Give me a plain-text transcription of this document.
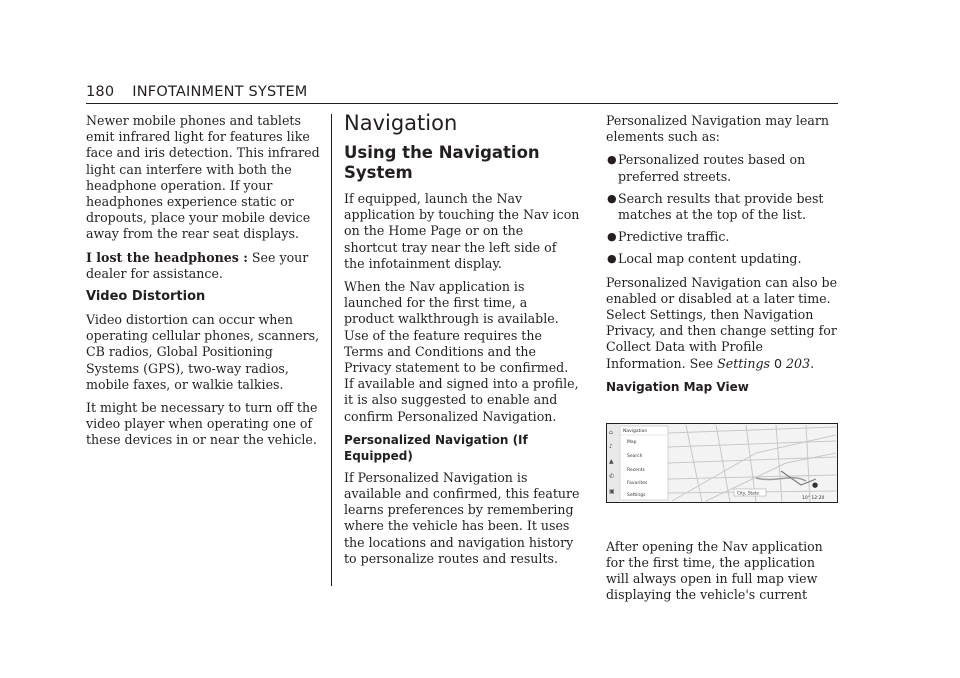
180 INFOTAINMENT SYSTEM

Newer mobile phones and tablets emit infrared light for features like face and iris detection. This infrared light can interfere with both the headphone operation. If your headphones experience static or dropouts, place your mobile device away from the rear seat displays.

I lost the headphones : See your dealer for assistance.

Video Distortion

Video distortion can occur when operating cellular phones, scanners, CB radios, Global Positioning Systems (GPS), two-way radios, mobile faxes, or walkie talkies.

It might be necessary to turn off the video player when operating one of these devices in or near the vehicle.

Navigation
Using the Navigation System

If equipped, launch the Nav application by touching the Nav icon on the Home Page or on the shortcut tray near the left side of the infotainment display.

When the Nav application is launched for the first time, a product walkthrough is available. Use of the feature requires the Terms and Conditions and the Privacy statement to be confirmed. If available and signed into a profile, it is also suggested to enable and confirm Personalized Navigation.

Personalized Navigation (If Equipped)

If Personalized Navigation is available and confirmed, this feature learns preferences by remembering where the vehicle has been. It uses the locations and navigation history to personalize routes and results.

Personalized Navigation may learn elements such as:

● Personalized routes based on preferred streets.
● Search results that provide best matches at the top of the list.
● Predictive traffic.
● Local map content updating.

Personalized Navigation can also be enabled or disabled at a later time. Select Settings, then Navigation Privacy, and then change setting for Collect Data with Profile Information. See Settings 0 203.

Navigation Map View
⌂
♪
▲
✆
▣
Navigation
Map
Search
Recents
Favorites
Settings	City, State
●
10° 12:20

After opening the Nav application for the first time, the application will always open in full map view displaying the vehicle's current
